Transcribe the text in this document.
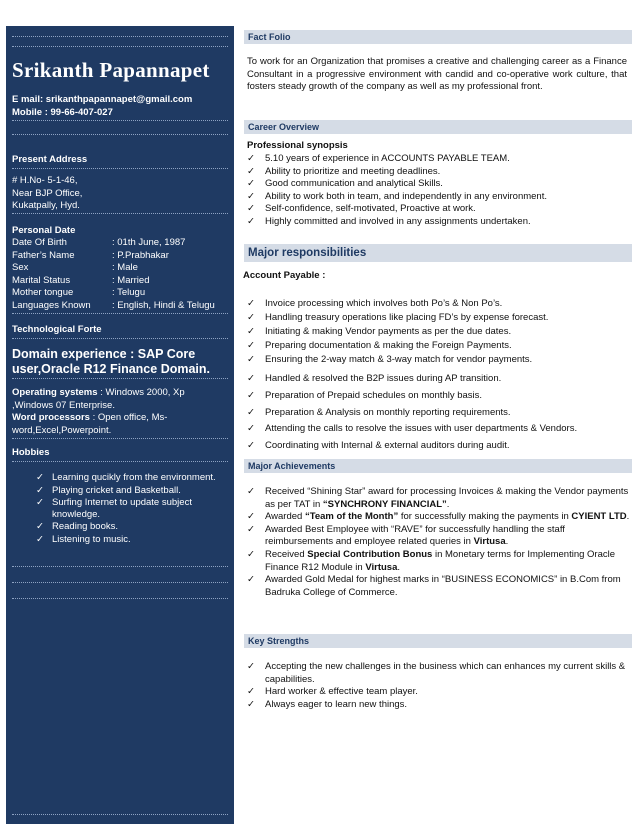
Srikanth Papannapet
E mail: srikanthpapannapet@gmail.com
Mobile : 99-66-407-027
Present Address
# H.No- 5-1-46,
Near BJP Office,
Kukatpally, Hyd.
Personal Date
Date Of Birth	: 01th June, 1987
Father’s Name	: P.Prabhakar
Sex	: Male
Marital Status	: Married
Mother tongue	: Telugu
Languages Known	: English, Hindi & Telugu
Technological Forte
Domain experience : SAP Core user,Oracle R12 Finance Domain.
Operating systems : Windows 2000, Xp ,Windows 07 Enterprise.
Word processors : Open office, Ms-word,Excel,Powerpoint.
Hobbies
✓ Learning qucikly from the environment.
✓ Playing cricket and Basketball.
✓ Surfing Internet to update subject knowledge.
✓ Reading books.
✓ Listening to music.
Fact Folio
To work for an Organization that promises a creative and challenging career as a Finance Consultant in a progressive environment with candid and co-operative work culture, that fosters steady growth of the company as well as my professional front.
Career Overview
Professional synopsis
✓	5.10 years of experience in ACCOUNTS PAYABLE TEAM.
✓	Ability to prioritize and meeting deadlines.
✓	Good communication and analytical Skills.
✓	Ability to work both in team, and independently in any environment.
✓	Self-confidence, self-motivated, Proactive at work.
✓	Highly committed and involved in any assignments undertaken.
Major responsibilities
Account Payable :
✓	Invoice processing which involves both Po’s & Non Po’s.
✓	Handling treasury operations like placing FD’s by expense forecast.
✓	Initiating & making Vendor payments as per the due dates.
✓	Preparing documentation & making the Foreign Payments.
✓	Ensuring the 2-way match & 3-way match for vendor payments.
✓	Handled & resolved the B2P issues during AP transition.
✓	Preparation of Prepaid schedules on monthly basis.
✓	Preparation & Analysis on monthly reporting requirements.
✓	Attending the calls to resolve the issues with user departments & Vendors.
✓	Coordinating with Internal & external auditors during audit.
Major Achievements
✓	Received “Shining Star” award for processing Invoices & making the Vendor payments as per TAT in “SYNCHRONY FINANCIAL”.
✓	Awarded “Team of the Month” for successfully making the payments in CYIENT LTD.
✓	Awarded Best Employee with “RAVE” for successfully handling the staff reimbursements and employee related queries in Virtusa.
✓	Received Special Contribution Bonus in Monetary terms for Implementing Oracle Finance R12 Module in Virtusa.
✓	Awarded Gold Medal for highest marks in “BUSINESS ECONOMICS” in B.Com from Badruka College of Commerce.
Key Strengths
✓	Accepting the new challenges in the business which can enhances my current skills & capabilities.
✓	Hard worker & effective team player.
✓	Always eager to learn new things.
